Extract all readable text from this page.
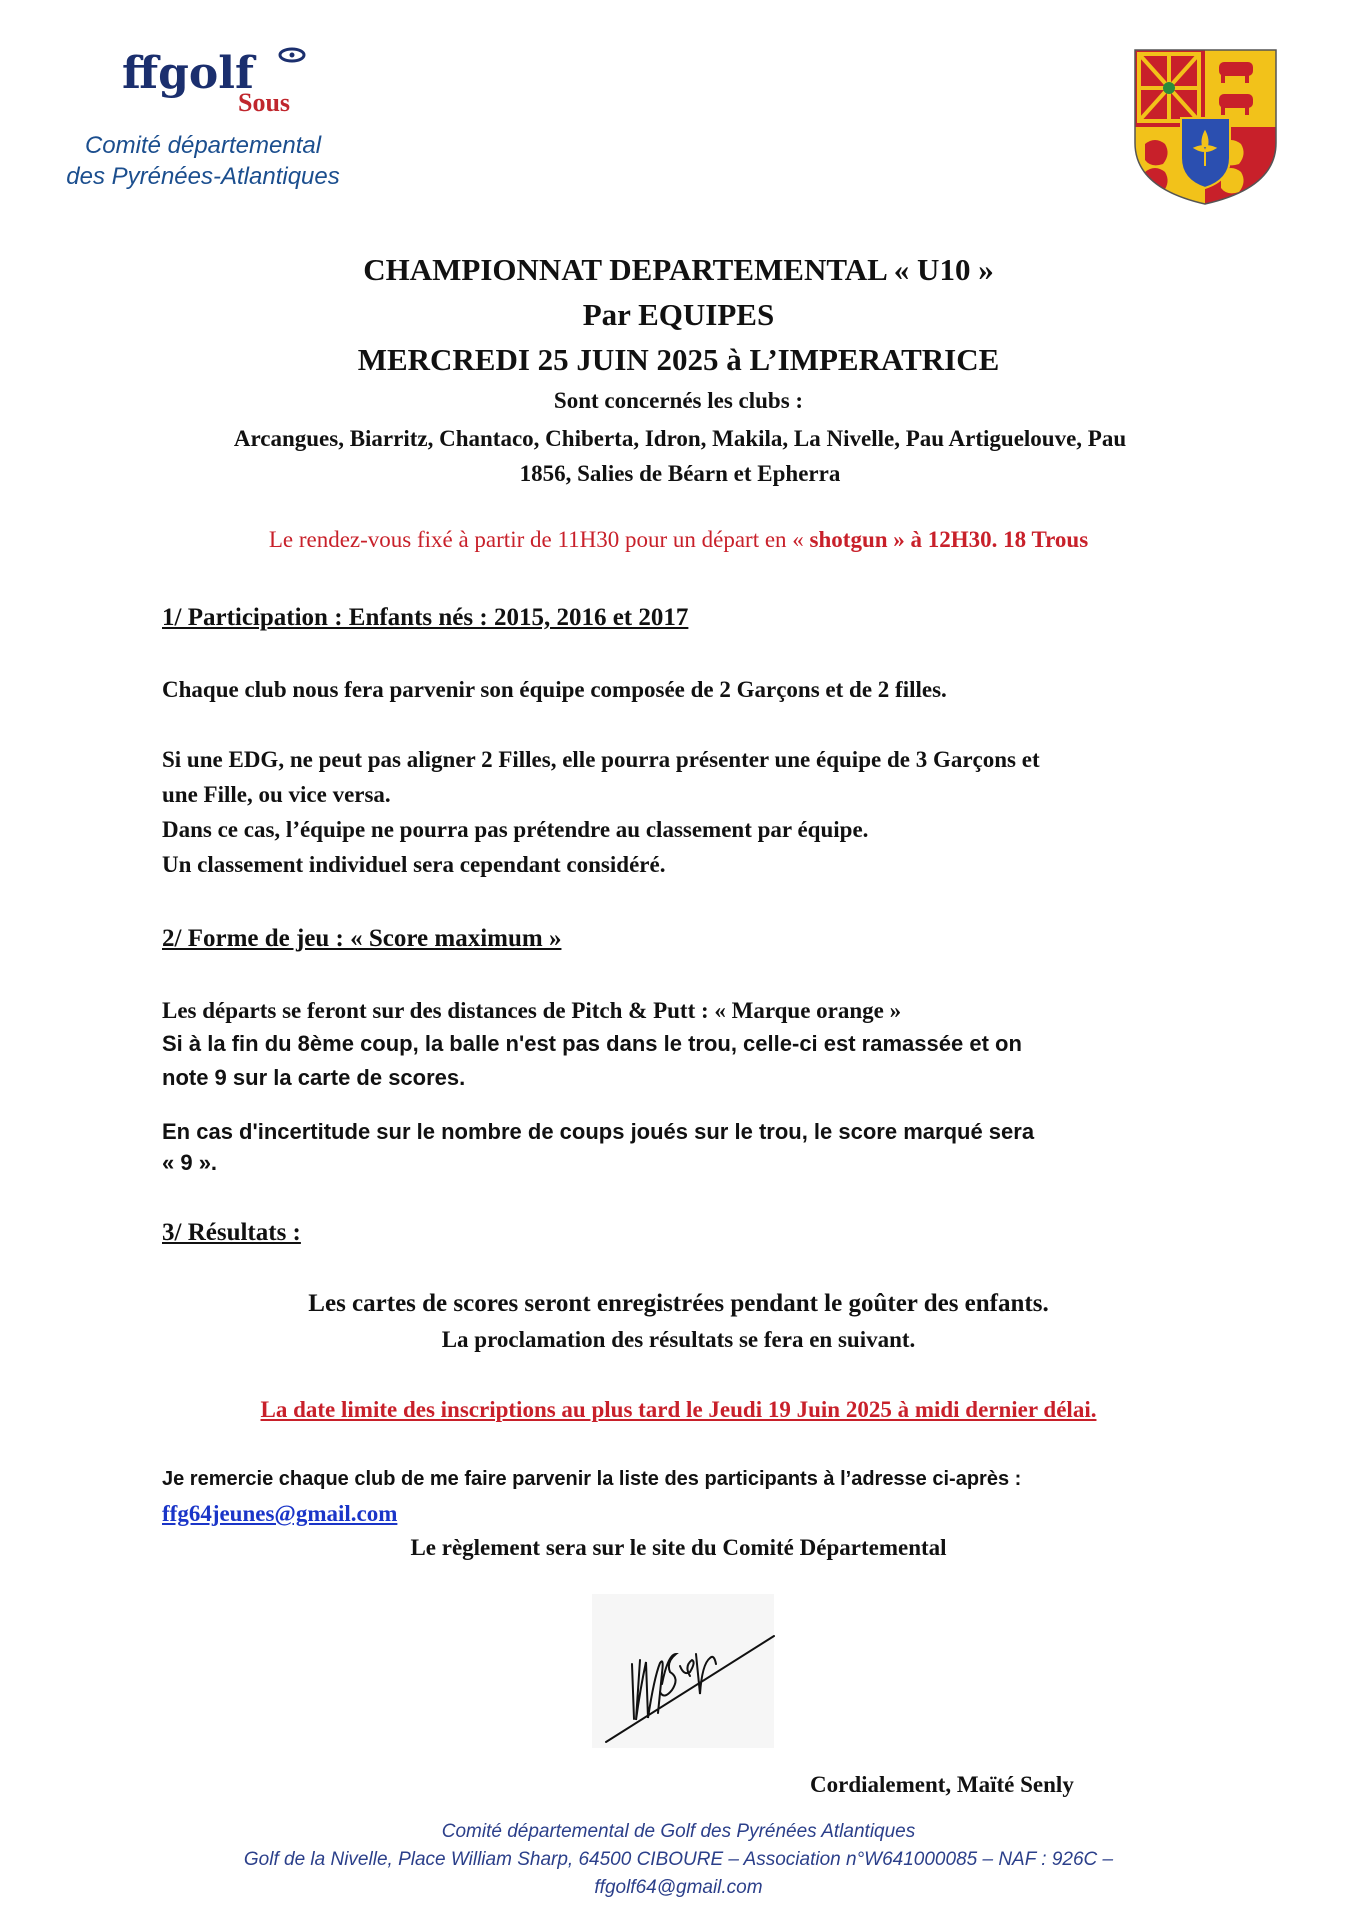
ffgolf
Sous
Comité départemental
des Pyrénées-Atlantiques
CHAMPIONNAT DEPARTEMENTAL « U10 »
Par EQUIPES
MERCREDI 25 JUIN 2025 à L’IMPERATRICE
Sont concernés les clubs :
Arcangues, Biarritz, Chantaco, Chiberta, Idron, Makila, La Nivelle, Pau Artiguelouve, Pau
1856, Salies de Béarn et Epherra
Le rendez-vous fixé à partir de 11H30 pour un départ en « shotgun » à 12H30. 18 Trous
1/ Participation : Enfants nés : 2015, 2016 et 2017
Chaque club nous fera parvenir son équipe composée de 2 Garçons et de 2 filles.
Si une EDG, ne peut pas aligner 2 Filles, elle pourra présenter une équipe de 3 Garçons et
une Fille, ou vice versa.
Dans ce cas, l’équipe ne pourra pas prétendre au classement par équipe.
Un classement individuel sera cependant considéré.
2/ Forme de jeu : « Score maximum »
Les départs se feront sur des distances de Pitch & Putt : « Marque orange »
Si à la fin du 8ème coup, la balle n'est pas dans le trou, celle-ci est ramassée et on
note 9 sur la carte de scores.
En cas d'incertitude sur le nombre de coups joués sur le trou, le score marqué sera
« 9 ».
3/ Résultats :
Les cartes de scores seront enregistrées pendant le goûter des enfants.
La proclamation des résultats se fera en suivant.
La date limite des inscriptions au plus tard le Jeudi 19 Juin 2025 à midi dernier délai.
Je remercie chaque club de me faire parvenir la liste des participants à l’adresse ci-après :
ffg64jeunes@gmail.com
Le règlement sera sur le site du Comité Départemental
Cordialement, Maïté Senly
Comité départemental de Golf des Pyrénées Atlantiques
Golf de la Nivelle, Place William Sharp, 64500 CIBOURE – Association n°W641000085 – NAF : 926C –
ffgolf64@gmail.com
